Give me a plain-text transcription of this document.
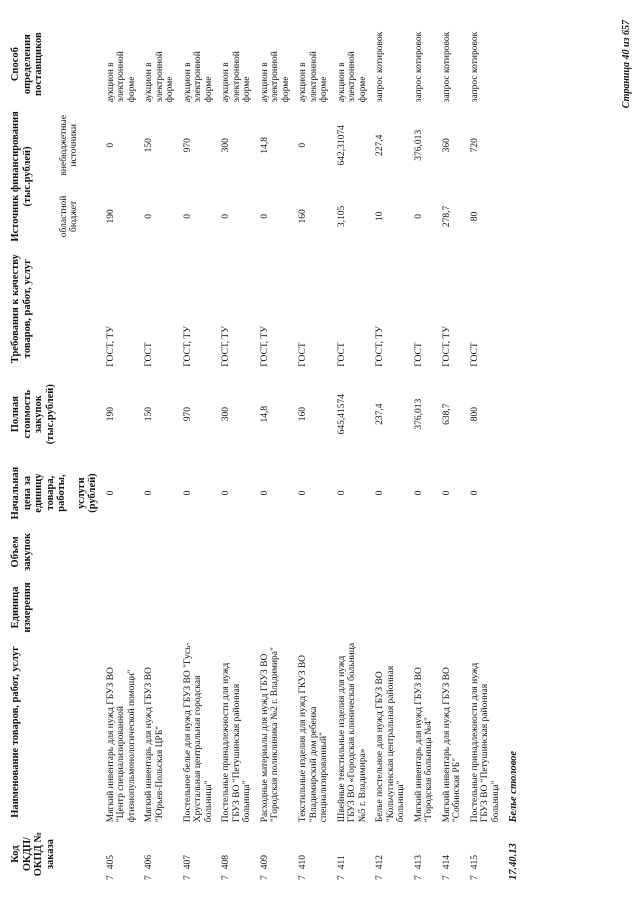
Код ОКДП/ ОКПД № заказа	Наименование товаров, работ, услуг	Единица измерения	Объем закупок	Начальная цена за единицу товара, работы, услуги (рублей)	Полная стоимость закупок (тыс.рублей)	Требования к качеству товаров, работ, услуг	Источник финансирования (тыс.рублей)		Способ определения поставщиков
							областной бюджет	внебюджетные источники	
7405	Мягкий инвентарь для нужд ГБУЗ ВО "Центр специализированной фтизиопульмонологической помощи"			0	190	ГОСТ, ТУ	190	0	аукцион в электронной форме
7406	Мягкий инвентарь для нужд ГБУЗ ВО "Юрьев-Польская ЦРБ"			0	150	ГОСТ	0	150	аукцион в электронной форме
7407	Постельное белье для нужд ГБУЗ ВО "Гусь-Хрустальная центральная городская больница"			0	970	ГОСТ, ТУ	0	970	аукцион в электронной форме
7408	Постельные принадлежности для нужд ГБУЗ ВО "Петушинская районная больница"			0	300	ГОСТ, ТУ	0	300	аукцион в электронной форме
7409	Расходные материалы для нужд ГБУЗ ВО "Городская поликлиника №2 г. Владимира"			0	14,8	ГОСТ, ТУ	0	14,8	аукцион в электронной форме
7410	Текстильные изделия для нужд ГКУЗ ВО "Владимирский дом ребенка специализированный"			0	160	ГОСТ	160	0	аукцион в электронной форме
7411	Швейные текстильные изделия для нужд ГБУЗ ВО «Городская клиническая больница №5 г. Владимира»			0	645,41574	ГОСТ	3,105	642,31074	аукцион в электронной форме
7412	Белье постельное для нужд ГБУЗ ВО "Кольчугинская центральная районная больница"			0	237,4	ГОСТ, ТУ	10	227,4	запрос котировок
7413	Мягкий инвентарь для нужд ГБУЗ ВО "Городская больница №4"			0	376,013	ГОСТ	0	376,013	запрос котировок
7414	Мягкий инвентарь для нужд ГБУЗ ВО "Собинская РБ"			0	638,7	ГОСТ, ТУ	278,7	360	запрос котировок
7415	Постельные принадлежности для нужд ГБУЗ ВО "Петушинская районная больница"			0	800	ГОСТ	80	720	запрос котировок
17.40.13	Белье столовое								
Страница 40 из 657
